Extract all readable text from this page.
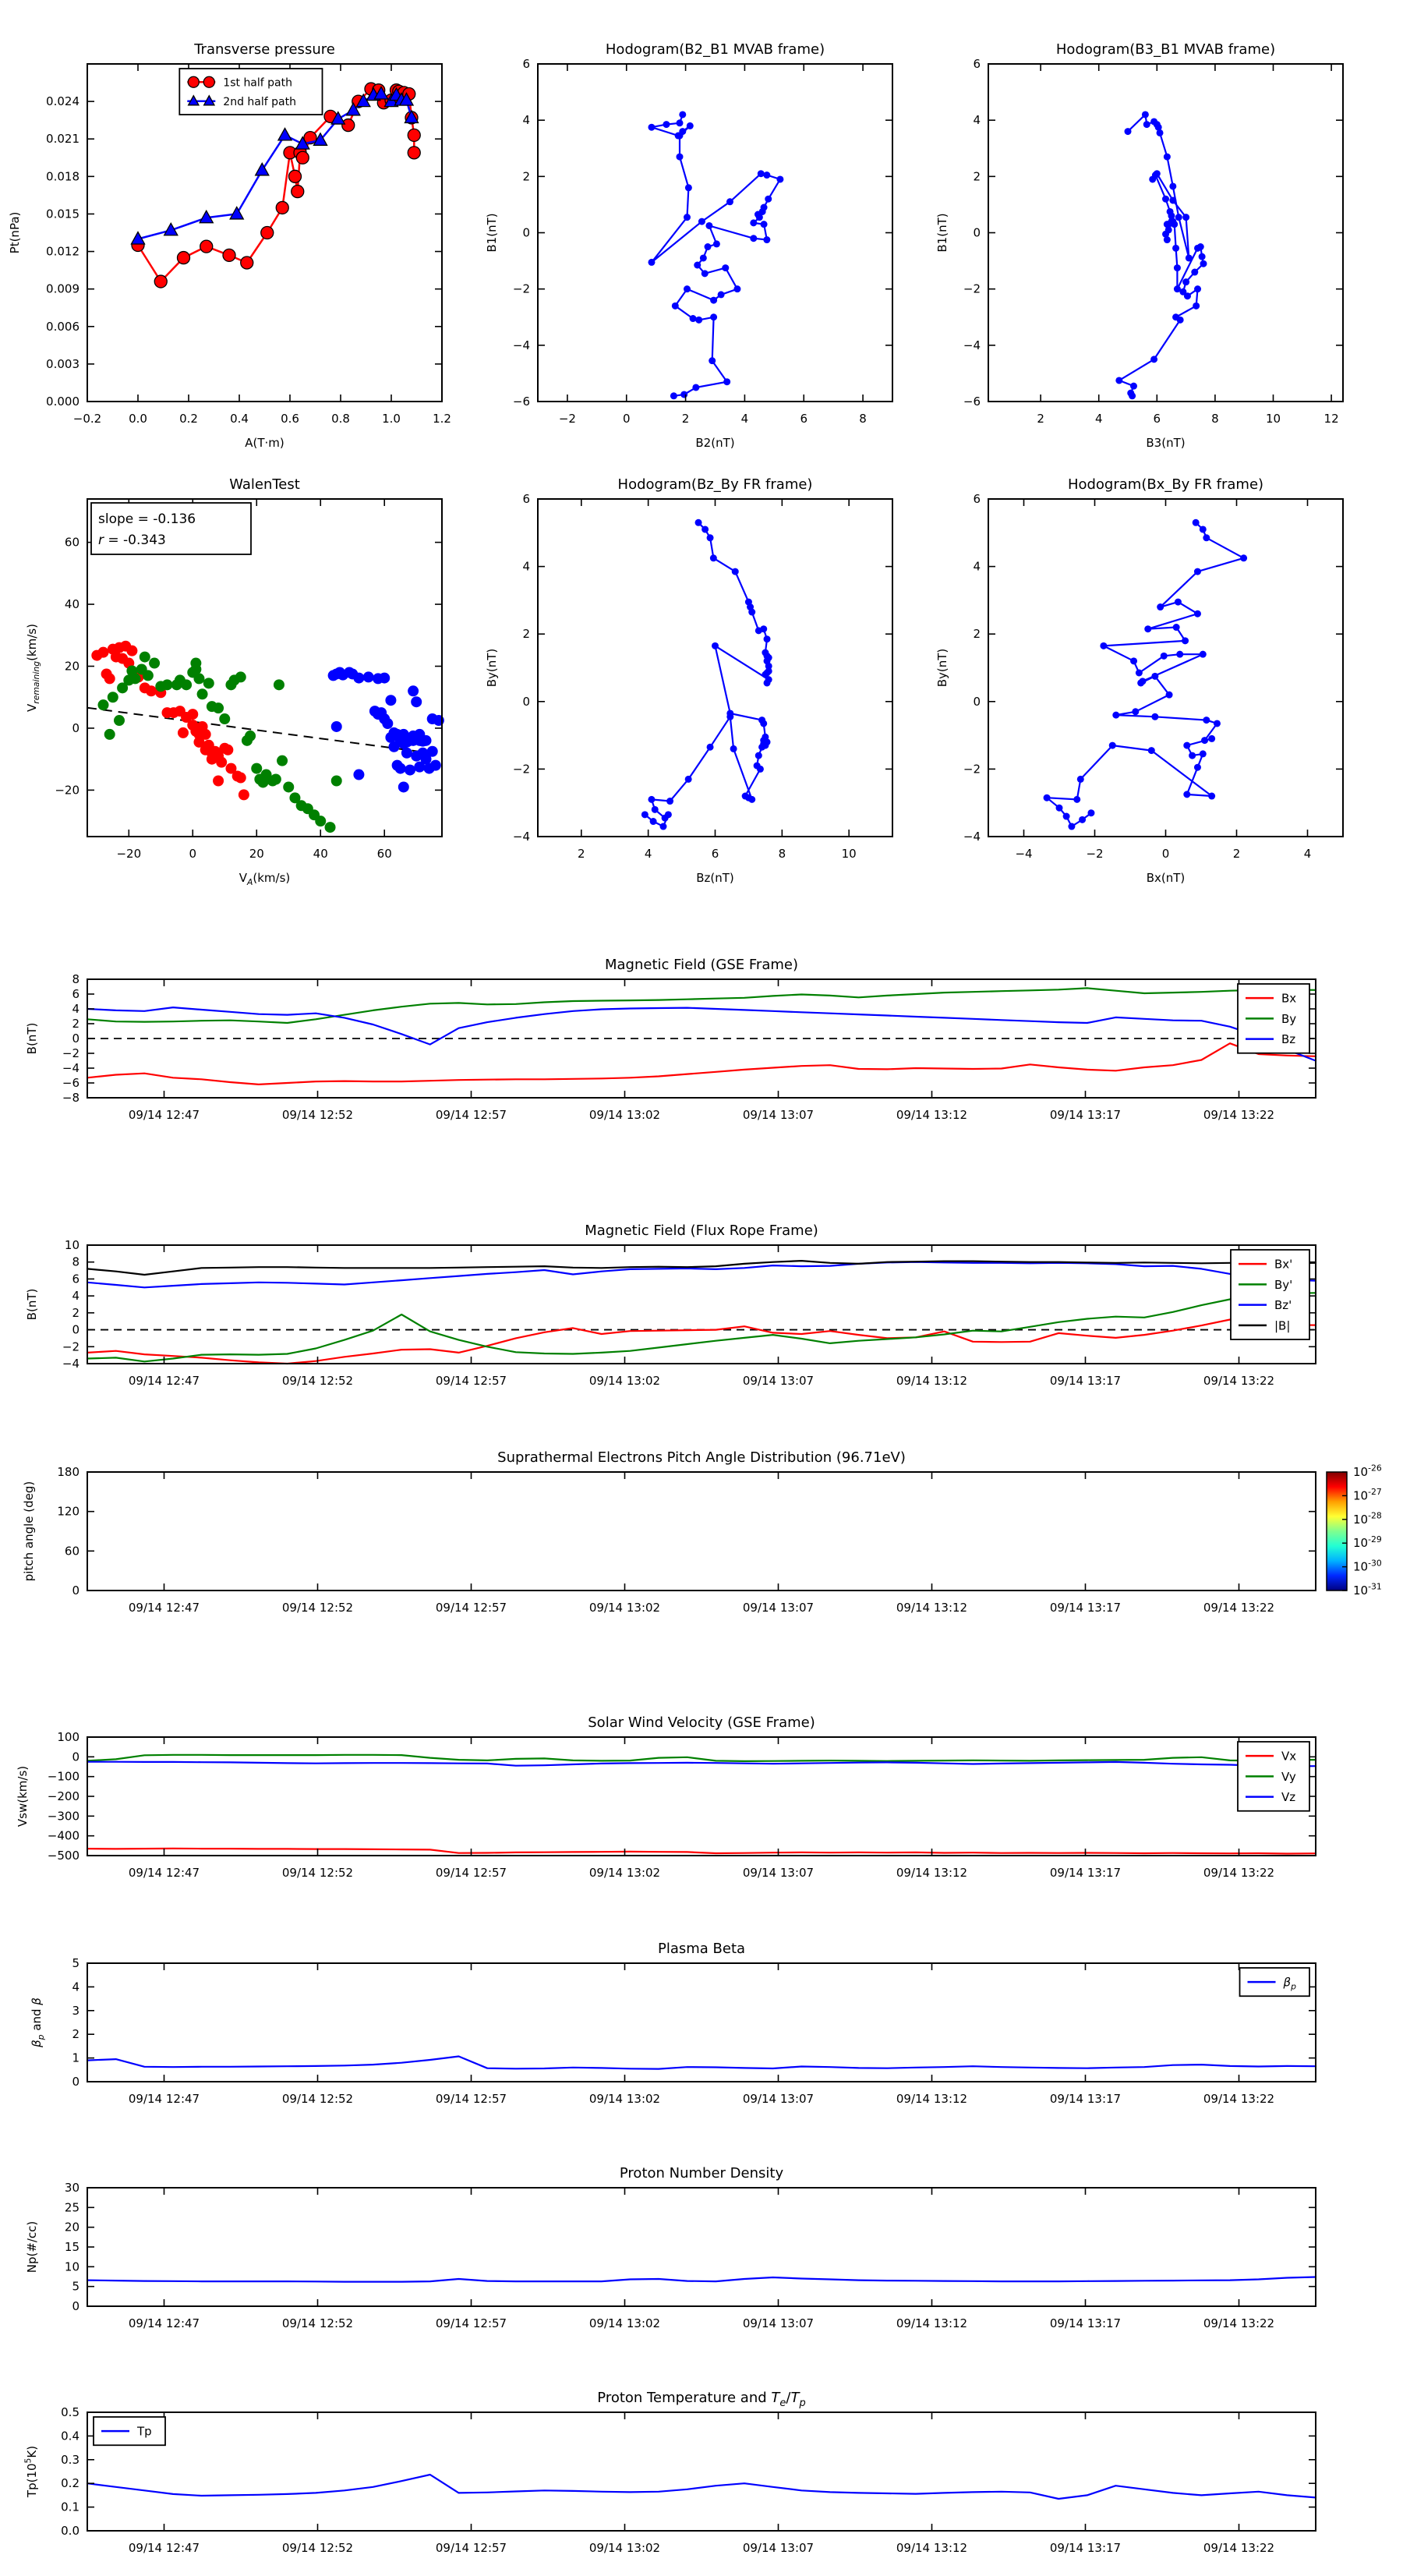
−0.2 0.0	0.2	0.4	0.6	0.8	1.0	1.2
0.000
0.003
0.006
0.009
0.012
0.015
0.018
0.021
0.024
Transverse pressure
A(T·m)
Pt(nPa)
1st half path
2nd half path
−2	0	2	4	6	8
−6
−4
−2
0
2
4
6
Hodogram(B2_B1 MVAB frame)
B2(nT)
B1(nT)
2	4	6	8	10	12
−6
−4
−2
0
2
4
6
Hodogram(B3_B1 MVAB frame)
B3(nT)
B1(nT)
−20	0	20	40	60
−20
0
20
40
60
WalenTest
$V_A(km/s)$
$V_{remaining}(km/s)$
slope = -0.136
r = -0.343
2	4	6	8	10
−4
−2
0
2
4
6
Hodogram(Bz_By FR frame)
Bz(nT)
By(nT)
−4	−2	0	2	4
−4
−2
0
2
4
6
Hodogram(Bx_By FR frame)
Bx(nT)
By(nT)
09/14 12:47	09/14 12:52	09/14 12:57	09/14 13:02	09/14 13:07	09/14 13:12	09/14 13:17	09/14 13:22
−8
−6
−4
−2
0
2
4
6
8
Magnetic Field (GSE Frame)
B(nT)
Bx
By
Bz
09/14 12:47	09/14 12:52	09/14 12:57	09/14 13:02	09/14 13:07	09/14 13:12	09/14 13:17	09/14 13:22
−4
−2
0
2
4
6
8
10
Magnetic Field (Flux Rope Frame)
B(nT)
Bx'
By'
Bz'
|B|
09/14 12:47	09/14 12:52	09/14 12:57	09/14 13:02	09/14 13:07	09/14 13:12	09/14 13:17	09/14 13:22
0
60
120
180
Suprathermal Electrons Pitch Angle Distribution (96.71eV)
pitch angle (deg)
$10^{-26}$
$10^{-27}$
$10^{-28}$
$10^{-29}$
$10^{-30}$
$10^{-31}$
09/14 12:47	09/14 12:52	09/14 12:57	09/14 13:02	09/14 13:07	09/14 13:12	09/14 13:17	09/14 13:22
−500
−400
−300
−200
−100
0
100
Solar Wind Velocity (GSE Frame)
Vsw(km/s)
Vx
Vy
Vz
09/14 12:47	09/14 12:52	09/14 12:57	09/14 13:02	09/14 13:07	09/14 13:12	09/14 13:17	09/14 13:22
0
1
2
3
4
5
Plasma Beta
$\beta_p$ and β
$\beta_p$
09/14 12:47	09/14 12:52	09/14 12:57	09/14 13:02	09/14 13:07	09/14 13:12	09/14 13:17	09/14 13:22
0
5
10
15
20
25
30
Proton Number Density
Np(#/cc)
09/14 12:47	09/14 12:52	09/14 12:57	09/14 13:02	09/14 13:07	09/14 13:12	09/14 13:17	09/14 13:22
0.0
0.1
0.2
0.3
0.4
0.5
Proton Temperature and $T_e/T_p$
$Tp(10^5K)$
Tp
